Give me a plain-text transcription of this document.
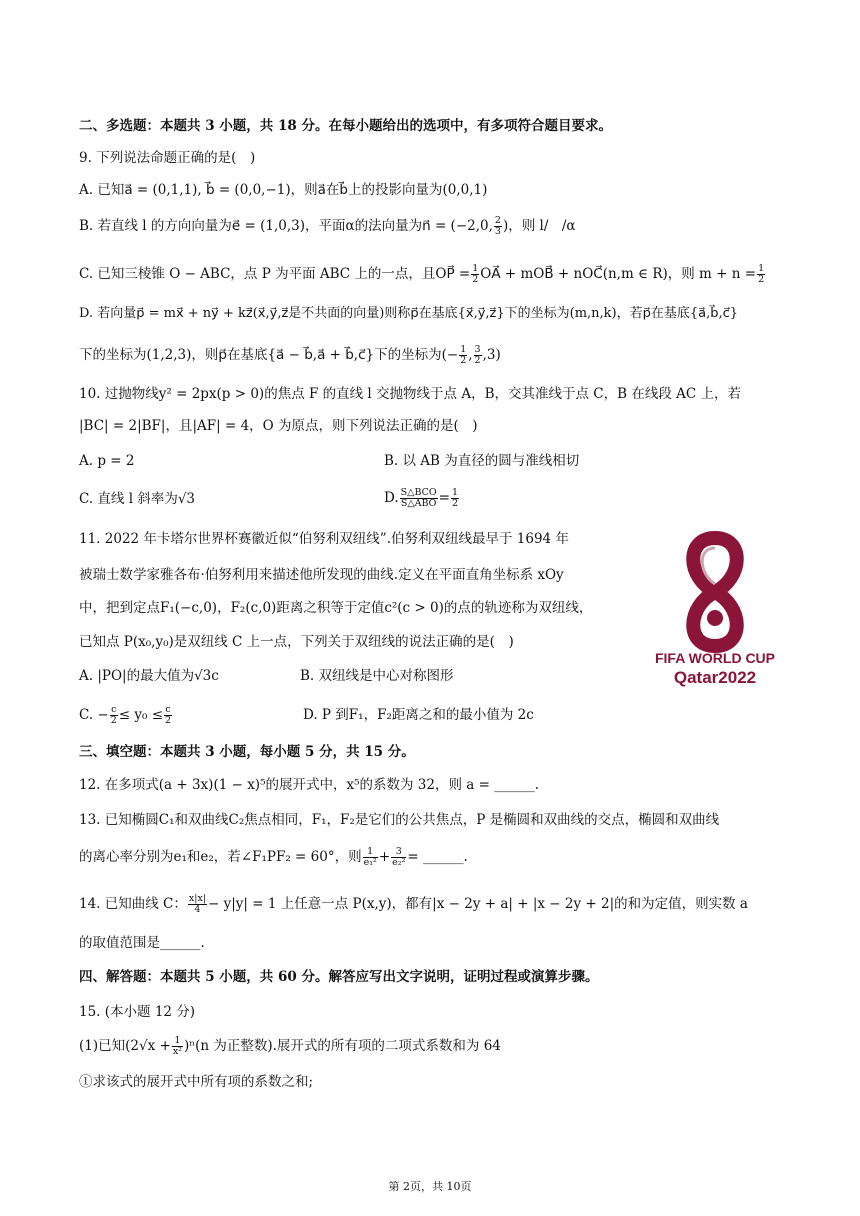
二、多选题：本题共 3 小题，共 18 分。在每小题给出的选项中，有多项符合题目要求。
9. 下列说法命题正确的是(　)
A. 已知a⃗ = (0,1,1), b⃗ = (0,0,−1)，则a⃗在b⃗上的投影向量为(0,0,1)
B. 若直线 l 的方向向量为e⃗ = (1,0,3)，平面α的法向量为n⃗ = (−2,0, $\frac{2}{3}$ )，则 l/　/α
C. 已知三棱锥 O − ABC，点 P 为平面 ABC 上的一点，且OP⃗ = $\frac{1}{2}$ OA⃗ + mOB⃗ + nOC⃗(n,m ∈ R)，则 $m + n = \frac{1}{2}$
D. 若向量p⃗ = mx⃗ + ny⃗ + kz⃗(x⃗,y⃗,z⃗是不共面的向量)则称p⃗在基底{x⃗,y⃗,z⃗}下的坐标为(m,n,k)，若p⃗在基底{a⃗,b⃗,c⃗}
下的坐标为(1,2,3)，则p⃗在基底{a⃗ − b⃗,a⃗ + b⃗,c⃗}下的坐标为(− $\frac{1}{2}$ , $\frac{3}{2} ,3$)
10. 过抛物线y² = 2px(p > 0)的焦点 F 的直线 l 交抛物线于点 A，B，交其准线于点 C，B 在线段 AC 上，若
|BC| = 2|BF|，且|AF| = 4，O 为原点，则下列说法正确的是(　)
A. p = 2	B. 以 AB 为直径的圆与准线相切
C. 直线 l 斜率为√3	D. $\frac{\text{S△BCO}}{\text{S△ABO}} = \frac{1}{2}$
11. 2022 年卡塔尔世界杯赛徽近似“伯努利双纽线”.伯努利双纽线最早于 1694 年
被瑞士数学家雅各布·伯努利用来描述他所发现的曲线.定义在平面直角坐标系 xOy
中，把到定点F₁(−c,0)，F₂(c,0)距离之积等于定值c²(c > 0)的点的轨迹称为双纽线，
已知点 P(x₀,y₀)是双纽线 C 上一点，下列关于双纽线的说法正确的是(　)
A. |PO|的最大值为√3c	B. 双纽线是中心对称图形
C. − $\frac{c}{2} \le y_0 \le \frac{c}{2}$	D. P 到F₁，F₂距离之和的最小值为 2c
FIFA WORLD CUP
Qatar2022
三、填空题：本题共 3 小题，每小题 5 分，共 15 分。
12. 在多项式(a + 3x)(1 − x)⁵的展开式中，x⁵的系数为 32，则 a = ______.
13. 已知椭圆C₁和双曲线C₂焦点相同，F₁，F₂是它们的公共焦点，P 是椭圆和双曲线的交点，椭圆和双曲线
的离心率分别为e₁和e₂，若∠F₁PF₂ = 60°，则 $\frac{1}{\text{e₁²}} + \frac{3}{\text{e₂²}}$ = ______.
14. 已知曲线 C： $\frac{x|x|}{4} - y|y| = 1$ 上任意一点 P(x,y)，都有|x − 2y + a| + |x − 2y + 2|的和为定值，则实数 a
的取值范围是______.
四、解答题：本题共 5 小题，共 60 分。解答应写出文字说明，证明过程或演算步骤。
15. (本小题 12 分)
(1)已知$(2√x + \frac{1}{\text{x²}} )^n(n$ 为正整数).展开式的所有项的二项式系数和为 64
①求该式的展开式中所有项的系数之和;
第 2页，共 10页
